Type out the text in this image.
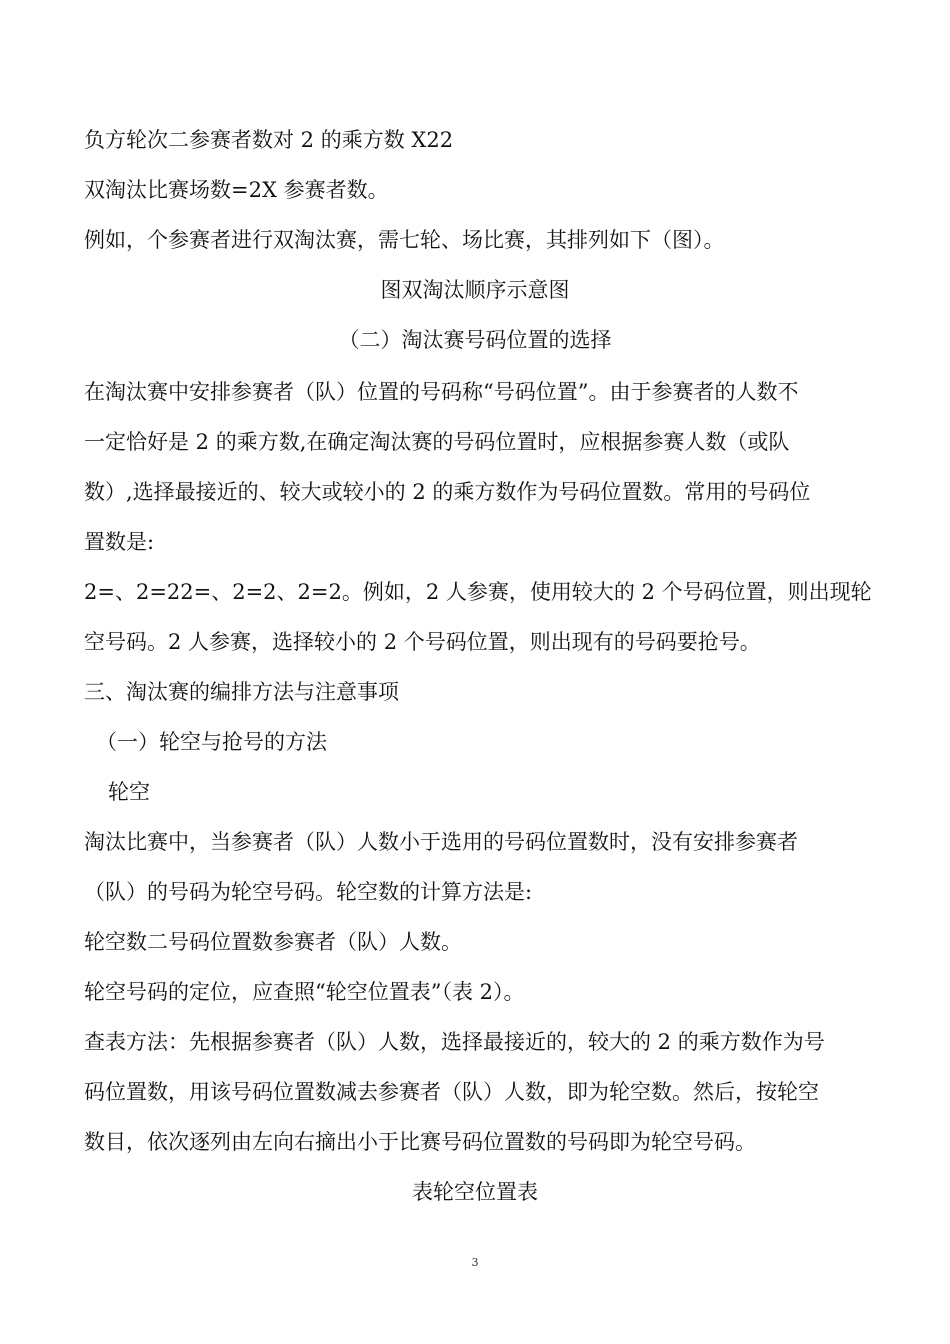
负方轮次二参赛者数对 2 的乘方数 X22
双淘汰比赛场数=2X 参赛者数。
例如，个参赛者进行双淘汰赛，需七轮、场比赛，其排列如下（图）。
图双淘汰顺序示意图
（二）淘汰赛号码位置的选择
在淘汰赛中安排参赛者（队）位置的号码称“号码位置”。由于参赛者的人数不
一定恰好是 2 的乘方数,在确定淘汰赛的号码位置时，应根据参赛人数（或队
数）,选择最接近的、较大或较小的 2 的乘方数作为号码位置数。常用的号码位
置数是:
2=、2=22=、2=2、2=2。例如，2 人参赛，使用较大的 2 个号码位置，则出现轮
空号码。2 人参赛，选择较小的 2 个号码位置，则出现有的号码要抢号。
三、淘汰赛的编排方法与注意事项
（一）轮空与抢号的方法
轮空
淘汰比赛中，当参赛者（队）人数小于选用的号码位置数时，没有安排参赛者
（队）的号码为轮空号码。轮空数的计算方法是:
轮空数二号码位置数参赛者（队）人数。
轮空号码的定位，应查照“轮空位置表”（表 2）。
查表方法：先根据参赛者（队）人数，选择最接近的，较大的 2 的乘方数作为号
码位置数，用该号码位置数减去参赛者（队）人数，即为轮空数。然后，按轮空
数目，依次逐列由左向右摘出小于比赛号码位置数的号码即为轮空号码。
表轮空位置表
3
